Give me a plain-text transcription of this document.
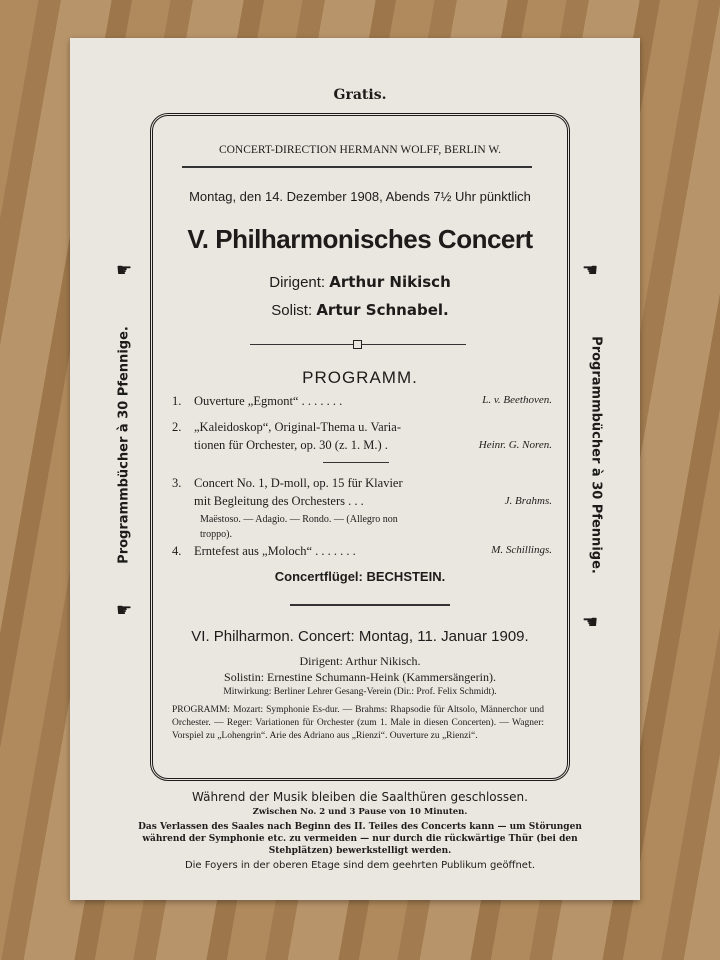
Gratis.
Programmbücher à 30 Pfennige.	Programmbücher à 30 Pfennige.
☛
☛
☚
☚
CONCERT-DIRECTION HERMANN WOLFF, BERLIN W.
Montag, den 14. Dezember 1908, Abends 7½ Uhr pünktlich
V. Philharmonisches Concert
Dirigent: Arthur Nikisch
Solist: Artur Schnabel.
PROGRAMM.
1. Ouverture „Egmont“ . . . . . . .	L. v. Beethoven.
2. „Kaleidoskop“, Original-Thema u. Varia-
tionen für Orchester, op. 30 (z. 1. M.) .	Heinr. G. Noren.
3. Concert No. 1, D-moll, op. 15 für Klavier
mit Begleitung des Orchesters . . .	J. Brahms.
Maëstoso. — Adagio. — Rondo. — (Allegro non troppo).
4. Erntefest aus „Moloch“ . . . . . . .	M. Schillings.
Concertflügel: BECHSTEIN.
VI. Philharmon. Concert: Montag, 11. Januar 1909.
Dirigent: Arthur Nikisch.
Solistin: Ernestine Schumann-Heink (Kammersängerin).
Mitwirkung: Berliner Lehrer Gesang-Verein (Dir.: Prof. Felix Schmidt).
PROGRAMM: Mozart: Symphonie Es-dur. — Brahms: Rhapsodie für Altsolo, Männerchor und Orchester. — Reger: Variationen für Orchester (zum 1. Male in diesen Concerten). — Wagner: Vorspiel zu „Lohengrin“. Arie des Adriano aus „Rienzi“. Ouverture zu „Rienzi“.
Während der Musik bleiben die Saalthüren geschlossen.
Zwischen No. 2 und 3 Pause von 10 Minuten.
Das Verlassen des Saales nach Beginn des II. Teiles des Concerts kann — um Störungen während der Symphonie etc. zu vermeiden — nur durch die rückwärtige Thür (bei den Stehplätzen) bewerkstelligt werden.
Die Foyers in der oberen Etage sind dem geehrten Publikum geöffnet.
